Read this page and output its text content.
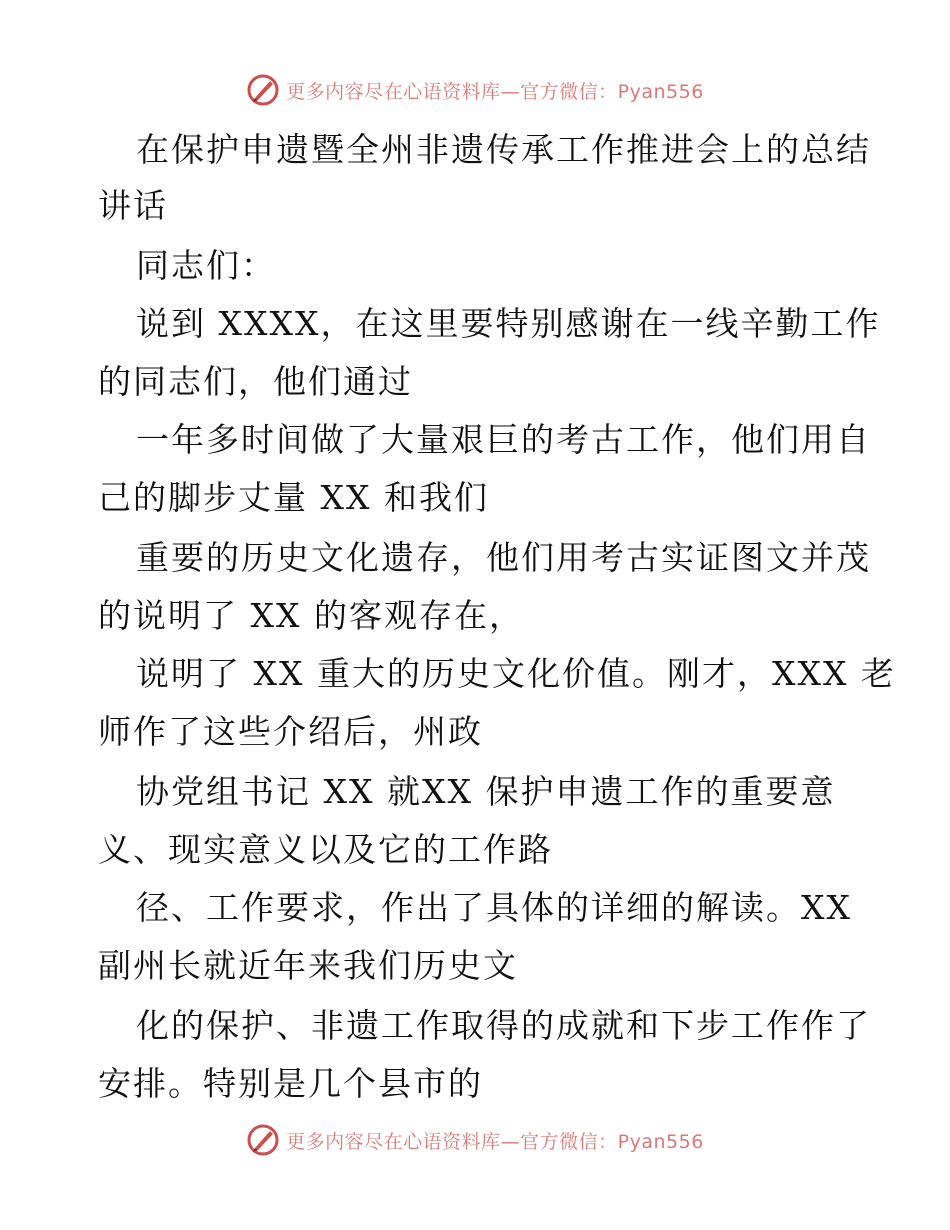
更多内容尽在心语资料库—官方微信：Pyan556
在保护申遗暨全州非遗传承工作推进会上的总结
讲话
同志们：
说到 XXXX，在这里要特别感谢在一线辛勤工作
的同志们，他们通过
一年多时间做了大量艰巨的考古工作，他们用自
己的脚步丈量 XX 和我们
重要的历史文化遗存，他们用考古实证图文并茂
的说明了 XX 的客观存在，
说明了 XX 重大的历史文化价值。刚才，XXX 老
师作了这些介绍后，州政
协党组书记 XX 就XX 保护申遗工作的重要意
义、现实意义以及它的工作路
径、工作要求，作出了具体的详细的解读。XX
副州长就近年来我们历史文
化的保护、非遗工作取得的成就和下步工作作了
安排。特别是几个县市的
更多内容尽在心语资料库—官方微信：Pyan556
